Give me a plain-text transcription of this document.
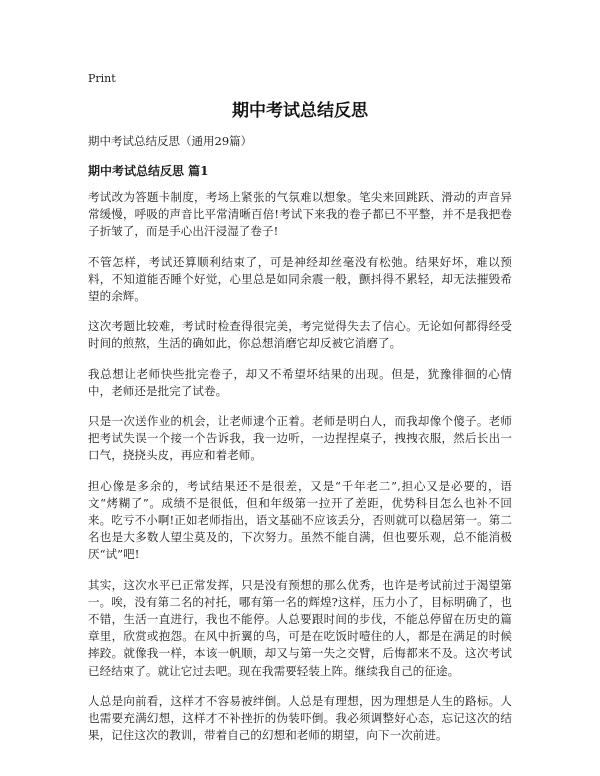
Print
期中考试总结反思
期中考试总结反思（通用29篇）
期中考试总结反思 篇1

考试改为答题卡制度，考场上紧张的气氛难以想象。笔尖来回跳跃、滑动的声音异常缓慢，呼吸的声音比平常清晰百倍!考试下来我的卷子都已不平整，并不是我把卷子折皱了，而是手心出汗浸湿了卷子!

不管怎样，考试还算顺利结束了，可是神经却丝毫没有松弛。结果好坏，难以预料，不知道能否睡个好觉，心里总是如同余震一般，颤抖得不累轻，却无法摧毁希望的余辉。

这次考题比较难，考试时检查得很完美，考完觉得失去了信心。无论如何都得经受时间的煎熬，生活的确如此，你总想消磨它却反被它消磨了。

我总想让老师快些批完卷子，却又不希望坏结果的出现。但是，犹豫徘徊的心情中，老师还是批完了试卷。

只是一次送作业的机会，让老师逮个正着。老师是明白人，而我却像个傻子。老师把考试失误一个接一个告诉我，我一边听，一边捏捏桌子，拽拽衣服，然后长出一口气，挠挠头皮，再应和着老师。

担心像是多余的，考试结果还不是很差，又是“千年老二”,担心又是必要的，语文“烤糊了”。成绩不是很低，但和年级第一拉开了差距，优势科目怎么也补不回来。吃亏不小啊!正如老师指出，语文基础不应该丢分，否则就可以稳居第一。第二名也是大多数人望尘莫及的，下次努力。虽然不能自满，但也要乐观，总不能消极厌“试”吧!

其实，这次水平已正常发挥，只是没有预想的那么优秀，也许是考试前过于渴望第一。唉，没有第二名的衬托，哪有第一名的辉煌?这样，压力小了，目标明确了，也不错，生活一直进行，我也不能停。人总要跟时间的步伐，不能总停留在历史的篇章里，欣赏或抱怨。在风中折翼的鸟，可是在吃饭时噎住的人，都是在满足的时候摔跤。就像我一样，本该一帆顺，却又与第一失之交臂，后悔都来不及。这次考试已经结束了。就让它过去吧。现在我需要轻装上阵。继续我自己的征途。

人总是向前看，这样才不容易被绊倒。人总是有理想，因为理想是人生的路标。人也需要充满幻想，这样才不补挫折的伪装吓倒。我必须调整好心态，忘记这次的结果，记住这次的教训，带着自己的幻想和老师的期望，向下一次前进。
